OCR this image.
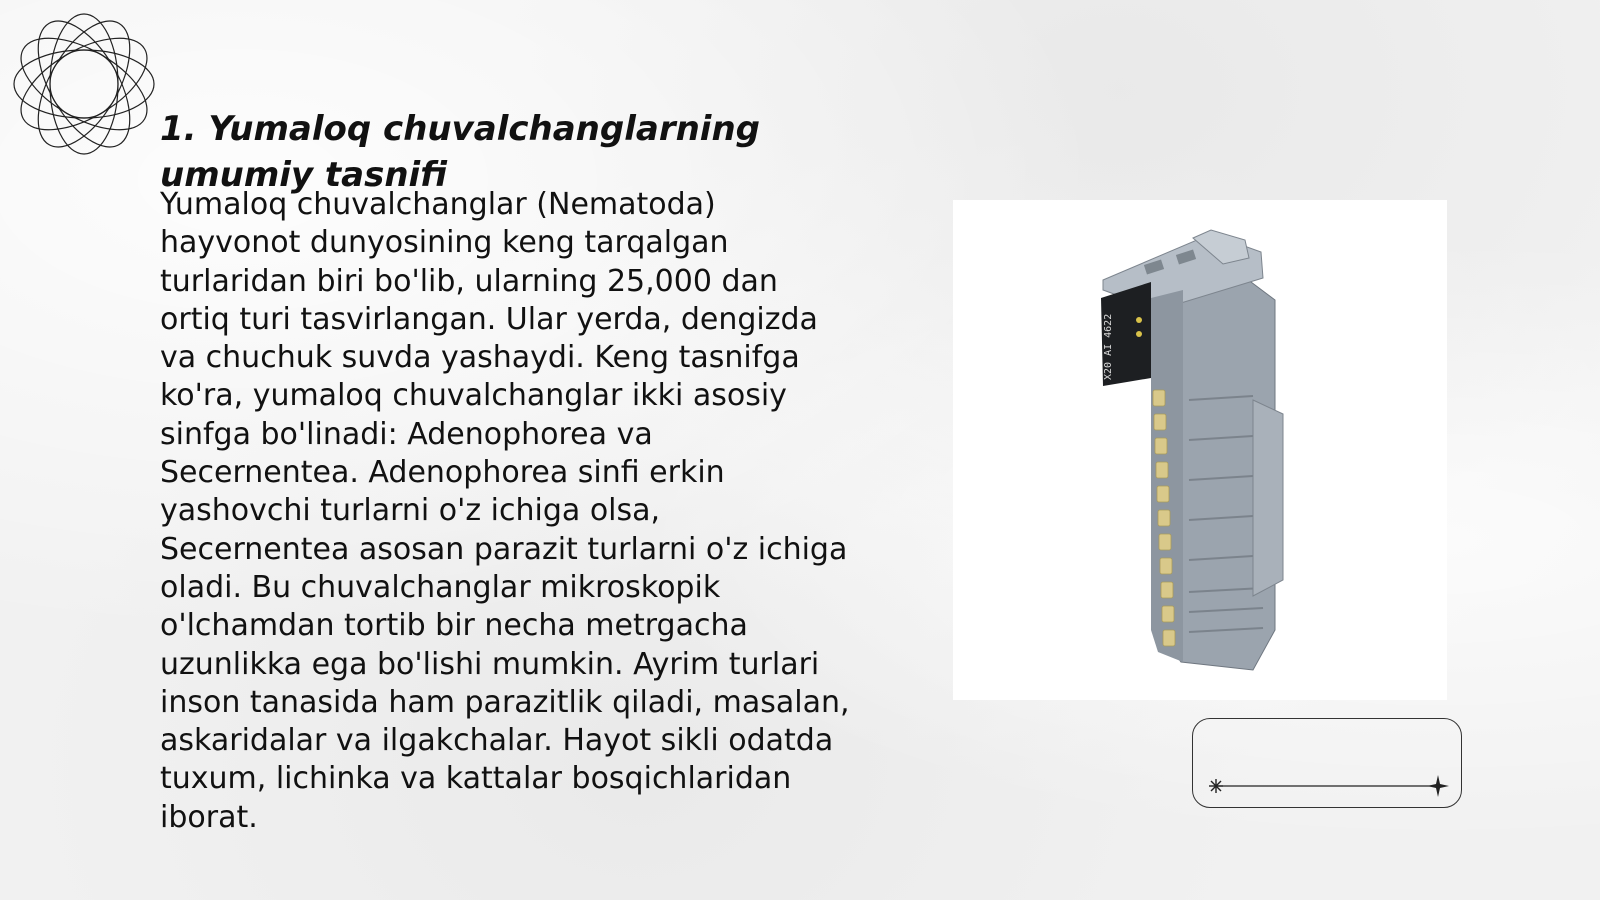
1. Yumaloq chuvalchanglarning umumiy tasnifi

Yumaloq chuvalchanglar (Nematoda) hayvonot dunyosining keng tarqalgan turlaridan biri bo'lib, ularning 25,000 dan ortiq turi tasvirlangan. Ular yerda, dengizda va chuchuk suvda yashaydi. Keng tasnifga ko'ra, yumaloq chuvalchanglar ikki asosiy sinfga bo'linadi: Adenophorea va Secernentea. Adenophorea sinfi erkin yashovchi turlarni o'z ichiga olsa, Secernentea asosan parazit turlarni o'z ichiga oladi. Bu chuvalchanglar mikroskopik o'lchamdan tortib bir necha metrgacha uzunlikka ega bo'lishi mumkin. Ayrim turlari inson tanasida ham parazitlik qiladi, masalan, askaridalar va ilgakchalar. Hayot sikli odatda tuxum, lichinka va kattalar bosqichlaridan iborat.

X20 AI 4622
